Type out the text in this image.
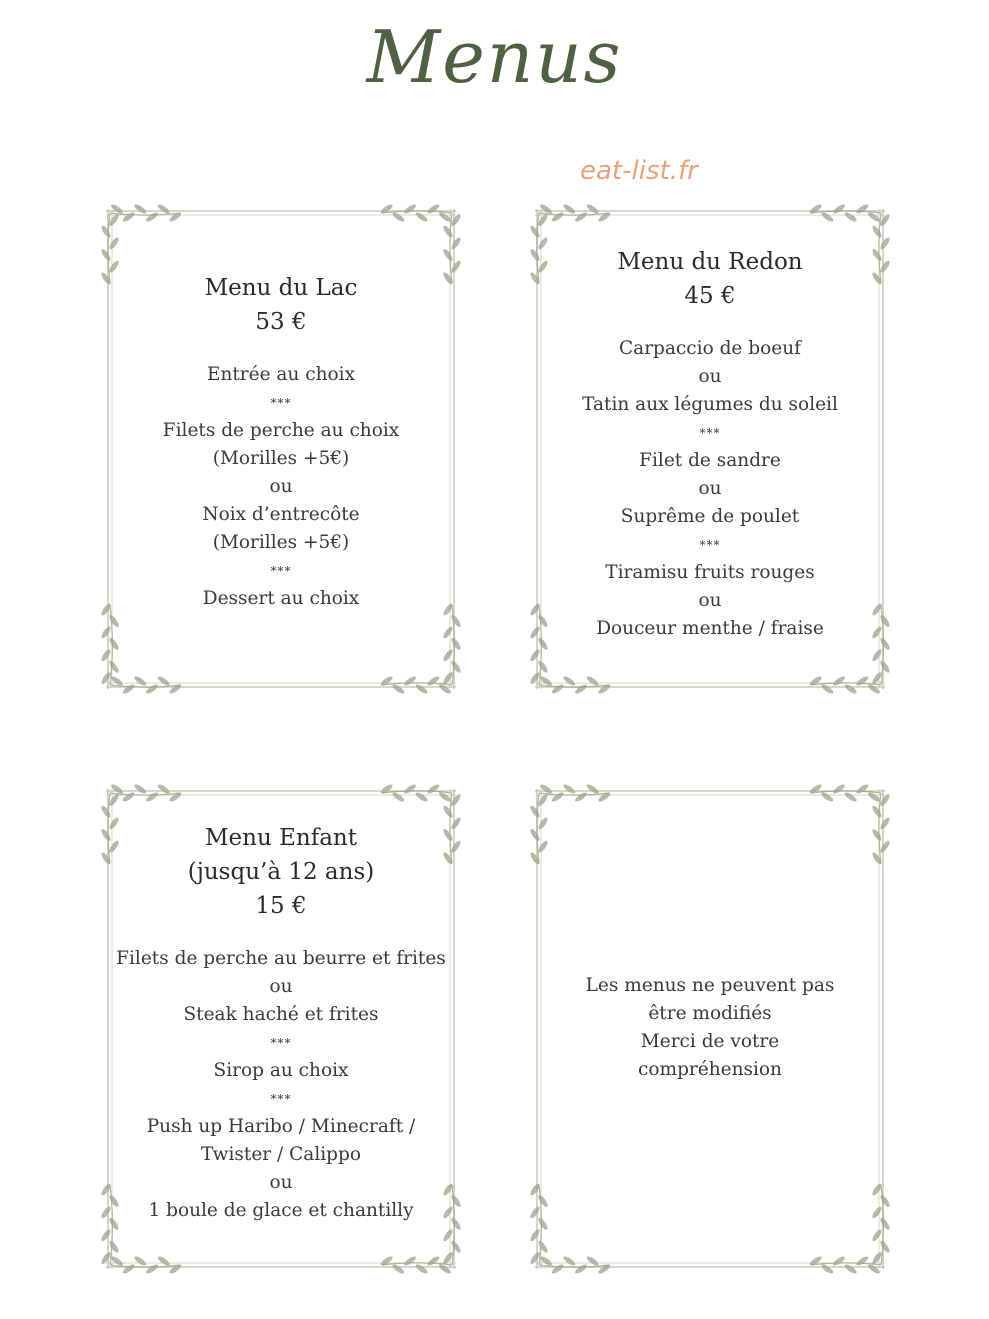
Menus
eat-list.fr
Menu du Lac
53 €
Entrée au choix
***
Filets de perche au choix
(Morilles +5€)
ou
Noix d’entrecôte
(Morilles +5€)
***
Dessert au choix
Menu du Redon
45 €
Carpaccio de boeuf
ou
Tatin aux légumes du soleil
***
Filet de sandre
ou
Suprême de poulet
***
Tiramisu fruits rouges
ou
Douceur menthe / fraise
Menu Enfant
(jusqu’à 12 ans)
15 €
Filets de perche au beurre et frites
ou
Steak haché et frites
***
Sirop au choix
***
Push up Haribo / Minecraft /
Twister / Calippo
ou
1 boule de glace et chantilly
Les menus ne peuvent pas
être modifiés
Merci de votre
compréhension
